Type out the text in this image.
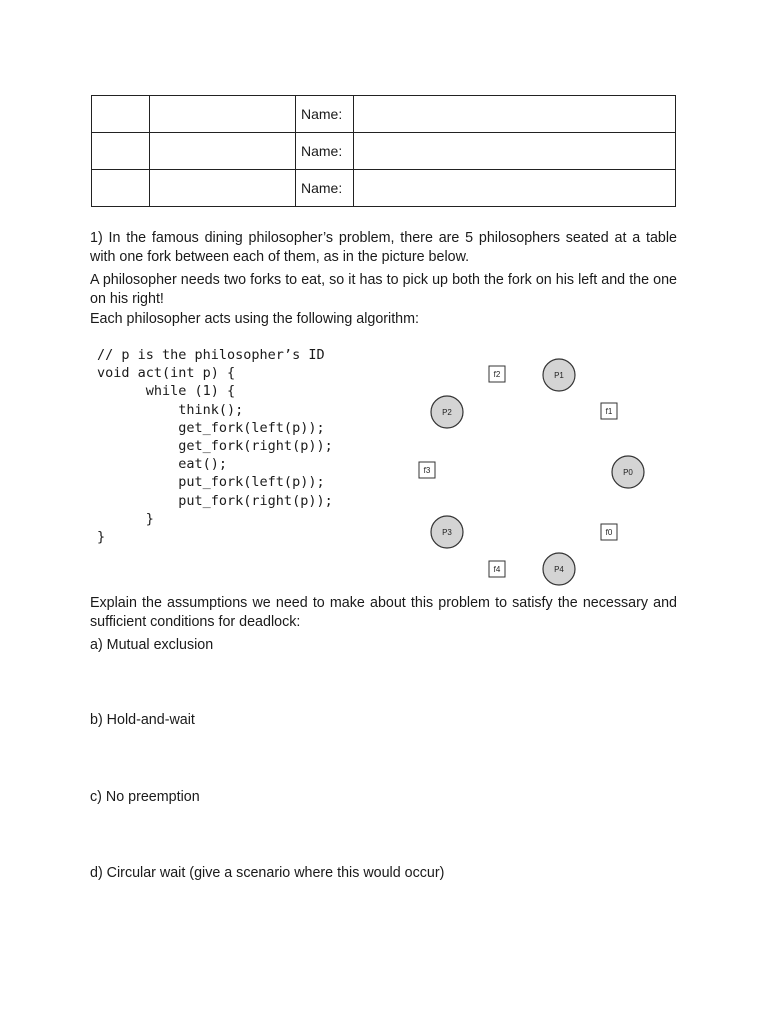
		Name:	
		Name:	
		Name:	

1) In the famous dining philosopher’s problem, there are 5 philosophers seated at a table with one fork between each of them, as in the picture below.

A philosopher needs two forks to eat, so it has to pick up both the fork on his left and the one on his right!

Each philosopher acts using the following algorithm:

// p is the philosopher’s ID
void act(int p) {
while (1) {
think();
get_fork(left(p));
get_fork(right(p));
eat();
put_fork(left(p));
put_fork(right(p));
}
}
P0
P1
P2
P3
P4
f0
f1
f2
f3
f4

Explain the assumptions we need to make about this problem to satisfy the necessary and sufficient conditions for deadlock:

a) Mutual exclusion

b) Hold-and-wait

c) No preemption

d) Circular wait (give a scenario where this would occur)
